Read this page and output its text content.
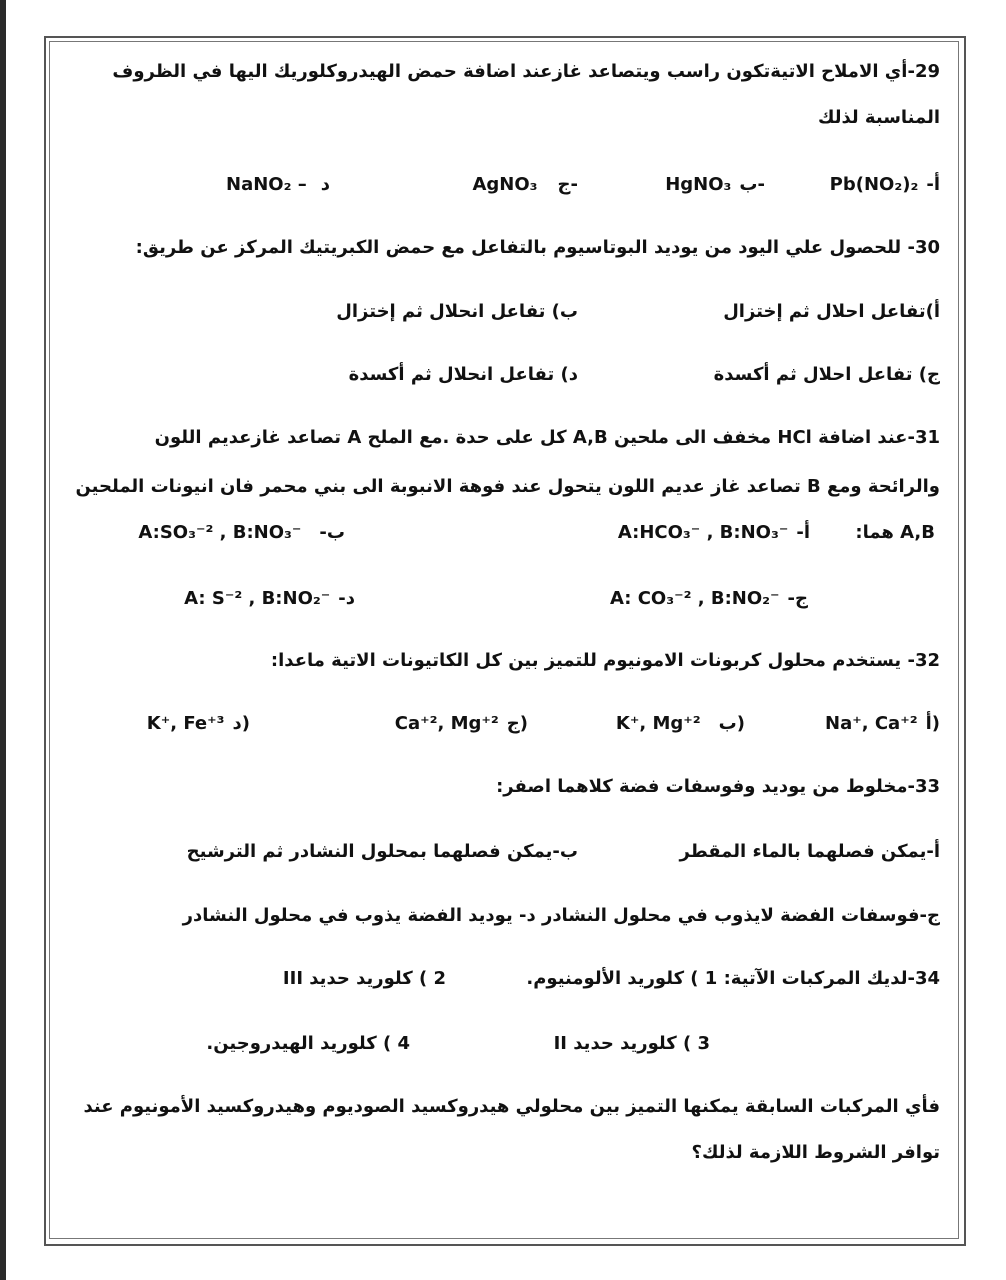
29-أي الاملاح الاتيةتكون راسب ويتصاعد غازعند اضافة حمض الهيدروكلوريك اليها في الظروف
المناسبة لذلك
Pb(NO₂)₂ -أ
HgNO₃ ب-
AgNO₃ ج-
NaNO₂ – د
30- للحصول علي اليود من يوديد البوتاسيوم بالتفاعل مع حمض الكبريتيك المركز عن طريق:
أ)تفاعل احلال ثم إختزال
ب) تفاعل انحلال ثم إختزال
ج) تفاعل احلال ثم أكسدة
د) تفاعل انحلال ثم أكسدة
31-عند اضافة HCl مخفف الى ملحين A,B كل على حدة .مع الملح A تصاعد غازعديم اللون
والرائحة ومع B تصاعد غاز عديم اللون يتحول عند فوهة الانبوبة الى بني محمر فان انيونات الملحين
A,B هما:
A:HCO₃⁻ , B:NO₃⁻ -أ
A:SO₃⁻² , B:NO₃⁻ -ب
A: CO₃⁻² , B:NO₂⁻ -ج
A: S⁻² , B:NO₂⁻ -د
32- يستخدم محلول كربونات الامونيوم للتميز بين كل الكاتيونات الاتية ماعدا:
Na⁺, Ca⁺² أ)
K⁺, Mg⁺² ب)
Ca⁺², Mg⁺² ج)
K⁺, Fe⁺³ د)
33-مخلوط من يوديد وفوسفات فضة كلاهما اصفر:
أ-يمكن فصلهما بالماء المقطر
ب-يمكن فصلهما بمحلول النشادر ثم الترشيح
ج-فوسفات الفضة لايذوب في محلول النشادر د- يوديد الفضة يذوب في محلول النشادر
34-لديك المركبات الآتية: 1 ) كلوريد الألومنيوم.
2 ) كلوريد حديد III
3 ) كلوريد حديد II
4 ) كلوريد الهيدروجين.
فأي المركبات السابقة يمكنها التميز بين محلولي هيدروكسيد الصوديوم وهيدروكسيد الأمونيوم عند
توافر الشروط اللازمة لذلك؟
